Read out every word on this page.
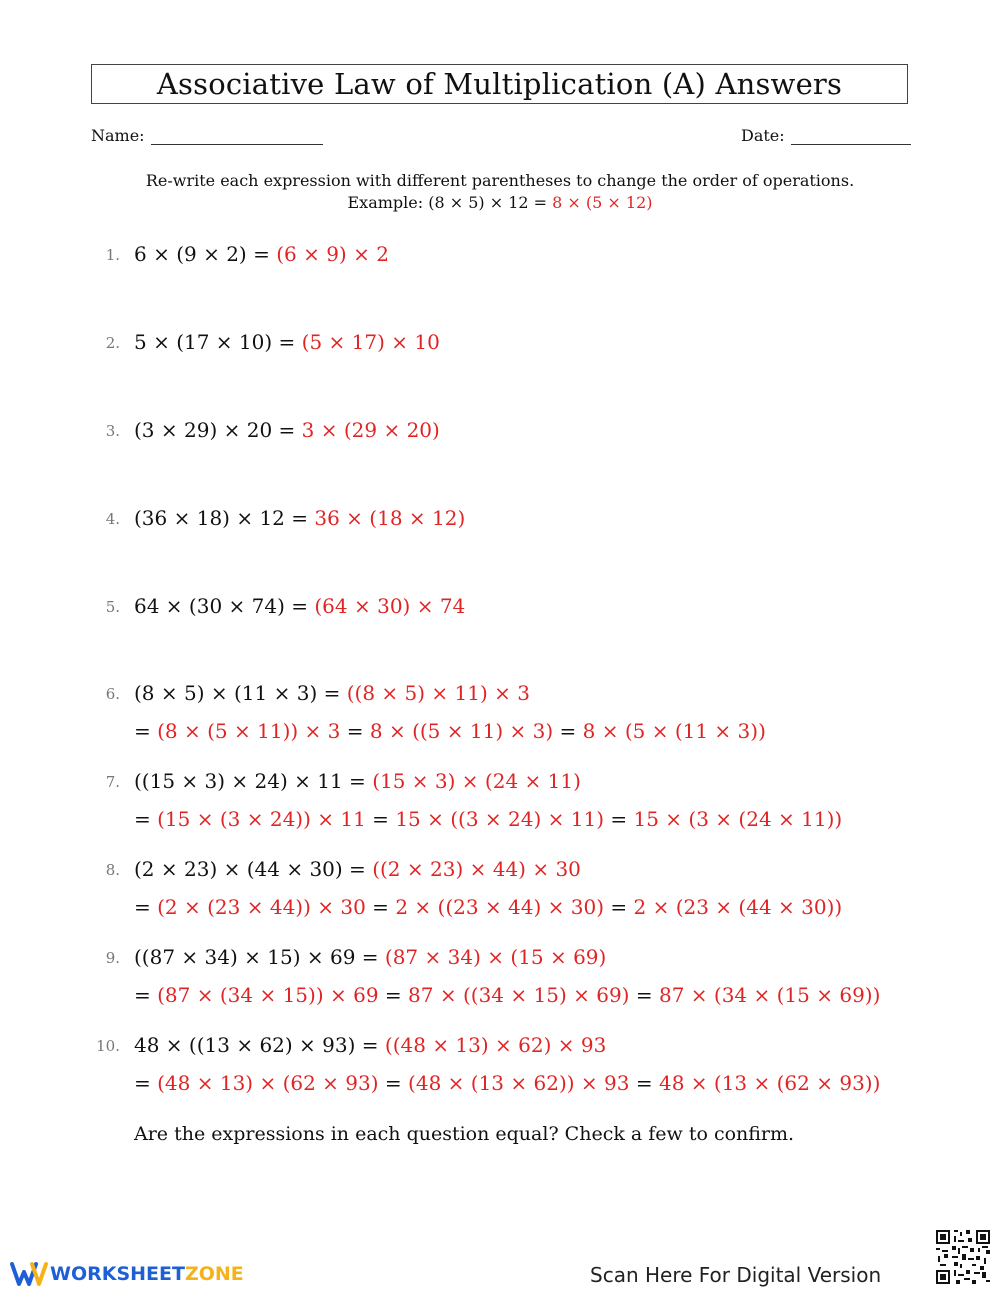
Associative Law of Multiplication (A) Answers
Name:	Date:
Re-write each expression with different parentheses to change the order of operations.
Example: (8 × 5) × 12 = 8 × (5 × 12)
1. 6 × (9 × 2) = (6 × 9) × 2
2. 5 × (17 × 10) = (5 × 17) × 10
3. (3 × 29) × 20 = 3 × (29 × 20)
4. (36 × 18) × 12 = 36 × (18 × 12)
5. 64 × (30 × 74) = (64 × 30) × 74
6. (8 × 5) × (11 × 3) = ((8 × 5) × 11) × 3
= (8 × (5 × 11)) × 3 = 8 × ((5 × 11) × 3) = 8 × (5 × (11 × 3))
7. ((15 × 3) × 24) × 11 = (15 × 3) × (24 × 11)
= (15 × (3 × 24)) × 11 = 15 × ((3 × 24) × 11) = 15 × (3 × (24 × 11))
8. (2 × 23) × (44 × 30) = ((2 × 23) × 44) × 30
= (2 × (23 × 44)) × 30 = 2 × ((23 × 44) × 30) = 2 × (23 × (44 × 30))
9. ((87 × 34) × 15) × 69 = (87 × 34) × (15 × 69)
= (87 × (34 × 15)) × 69 = 87 × ((34 × 15) × 69) = 87 × (34 × (15 × 69))
10. 48 × ((13 × 62) × 93) = ((48 × 13) × 62) × 93
= (48 × 13) × (62 × 93) = (48 × (13 × 62)) × 93 = 48 × (13 × (62 × 93))
Are the expressions in each question equal? Check a few to confirm.
WORKSHEET ZONE	Scan Here For Digital Version
